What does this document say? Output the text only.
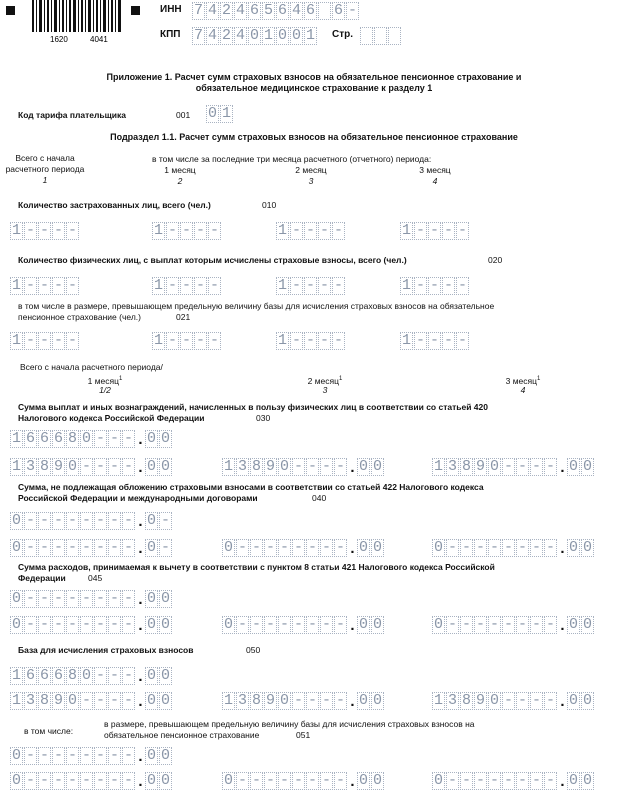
1620	4041
ИНН 7 4 2 4 6 5 6 4 6 6 -
КПП 7 4 2 4 0 1 0 0 1 Стр.
Приложение 1. Расчет сумм страховых взносов на обязательное пенсионное страхование и
обязательное медицинское страхование к разделу 1
Код тарифа плательщика	001 0 1
Подраздел 1.1. Расчет сумм страховых взносов на обязательное пенсионное страхование
Всего с начала
расчетного периода
1
в том числе за последние три месяца расчетного (отчетного) периода:
1 месяц
2
2 месяц
3
3 месяц
4
Количество застрахованных лиц, всего (чел.)	010
1 - - - -	1 - - - -	1 - - - -	1 - - - -
Количество физических лиц, с выплат которым исчислены страховые взносы, всего (чел.)	020
1 - - - -	1 - - - -	1 - - - -	1 - - - -
в том числе в размере, превышающем предельную величину базы для исчисления страховых взносов на обязательное
пенсионное страхование (чел.)	021
1 - - - -	1 - - - -	1 - - - -	1 - - - -
Всего с начала расчетного периода/
1 месяц$^1$
1/2
2 месяц$^1$
3
3 месяц$^1$
4
Сумма выплат и иных вознаграждений, начисленных в пользу физических лиц в соответствии со статьей 420
Налогового кодекса Российской Федерации	030
1 6 6 6 8 0 - - - . 0 0
1 3 8 9 0 - - - - . 0 0	1 3 8 9 0 - - - - . 0 0	1 3 8 9 0 - - - - . 0 0
Сумма, не подлежащая обложению страховыми взносами в соответствии со статьей 422 Налогового кодекса
Российской Федерации и международными договорами	040
0 - - - - - - - - . 0 -
0 - - - - - - - - . 0 -	0 - - - - - - - - . 0 0	0 - - - - - - - - . 0 0
Сумма расходов, принимаемая к вычету в соответствии с пунктом 8 статьи 421 Налогового кодекса Российской
Федерации	045
0 - - - - - - - - . 0 0
0 - - - - - - - - . 0 0	0 - - - - - - - - . 0 0	0 - - - - - - - - . 0 0
База для исчисления страховых взносов	050
1 6 6 6 8 0 - - - . 0 0
1 3 8 9 0 - - - - . 0 0	1 3 8 9 0 - - - - . 0 0	1 3 8 9 0 - - - - . 0 0
в том числе:
в размере, превышающем предельную величину базы для исчисления страховых взносов на
обязательное пенсионное страхование	051
0 - - - - - - - - . 0 0
0 - - - - - - - - . 0 0	0 - - - - - - - - . 0 0	0 - - - - - - - - . 0 0
